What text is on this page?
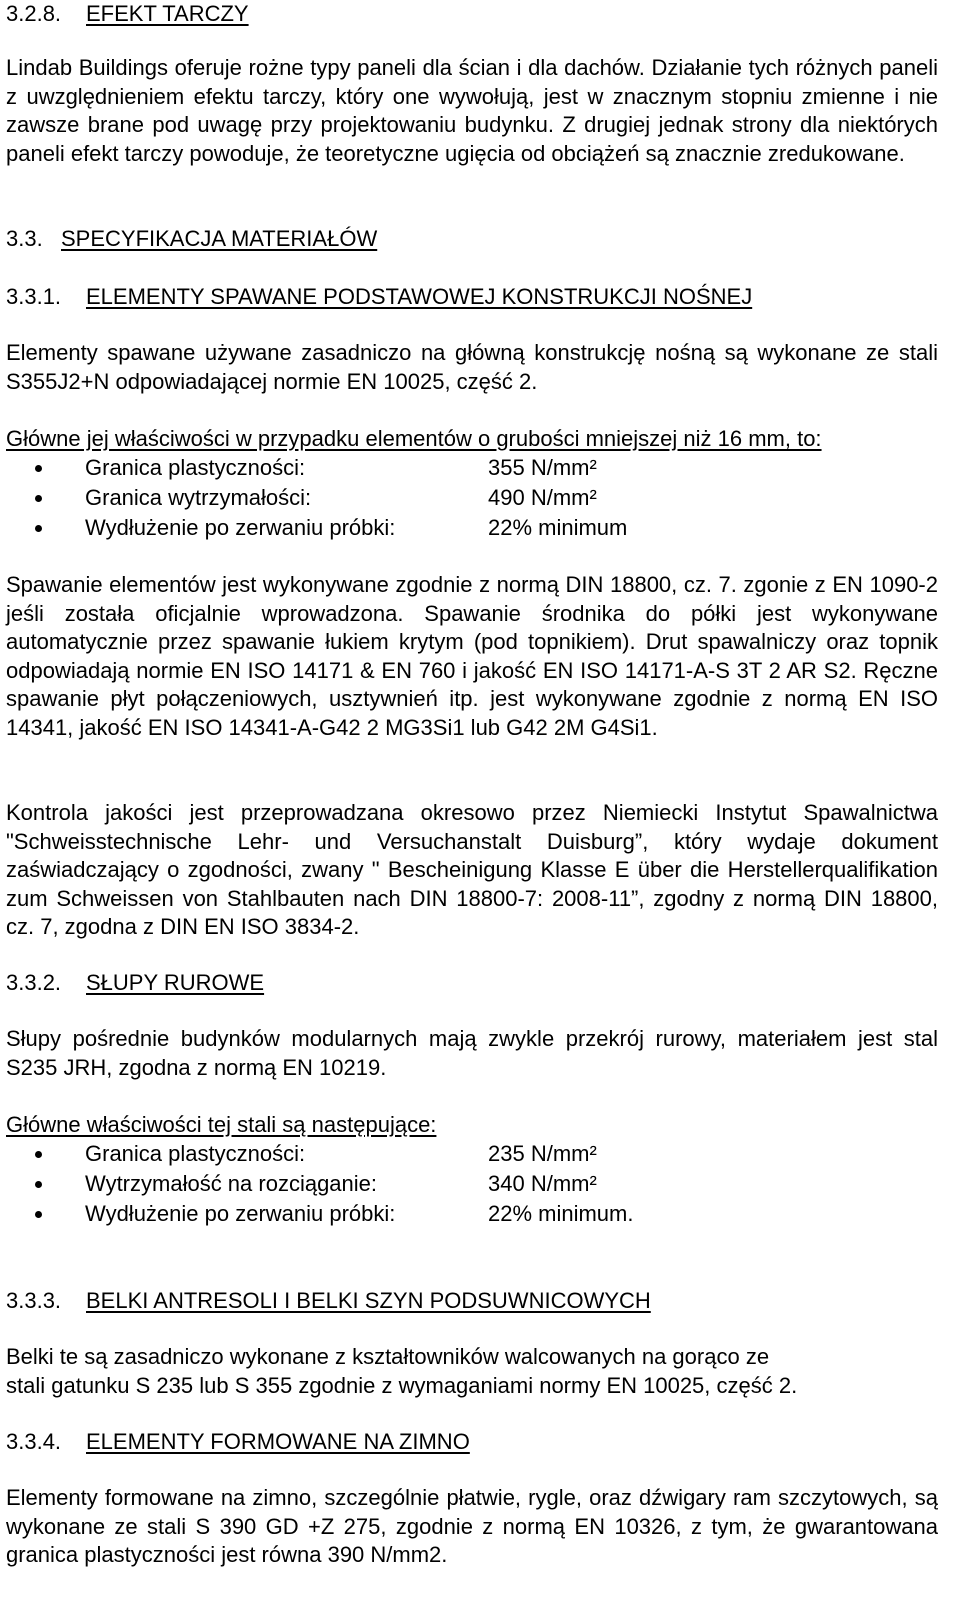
3.2.8. EFEKT TARCZY

Lindab Buildings oferuje rożne typy paneli dla ścian i dla dachów. Działanie tych różnych paneli z uwzględnieniem efektu tarczy, który one wywołują, jest w znacznym stopniu zmienne i nie zawsze brane pod uwagę przy projektowaniu budynku. Z drugiej jednak strony dla niektórych paneli efekt tarczy powoduje, że teoretyczne ugięcia od obciążeń są znacznie zredukowane.

3.3. SPECYFIKACJA MATERIAŁÓW
3.3.1. ELEMENTY SPAWANE PODSTAWOWEJ KONSTRUKCJI NOŚNEJ

Elementy spawane używane zasadniczo na główną konstrukcję nośną są wykonane ze stali S355J2+N odpowiadającej normie EN 10025, część 2.

Główne jej właściwości w przypadku elementów o grubości mniejszej niż 16 mm, to:
Granica plastyczności:	355 N/mm²
Granica wytrzymałości:	490 N/mm²
Wydłużenie po zerwaniu próbki:	22% minimum

Spawanie elementów jest wykonywane zgodnie z normą DIN 18800, cz. 7. zgonie z EN 1090-2 jeśli została oficjalnie wprowadzona. Spawanie środnika do półki jest wykonywane automatycznie przez spawanie łukiem krytym (pod topnikiem). Drut spawalniczy oraz topnik odpowiadają normie EN ISO 14171 & EN 760 i jakość EN ISO 14171-A-S 3T 2 AR S2. Ręczne spawanie płyt połączeniowych, usztywnień itp. jest wykonywane zgodnie z normą EN ISO 14341, jakość EN ISO 14341-A-G42 2 MG3Si1 lub G42 2M G4Si1.

Kontrola jakości jest przeprowadzana okresowo przez Niemiecki Instytut Spawalnictwa "Schweisstechnische Lehr- und Versuchanstalt Duisburg”, który wydaje dokument zaświadczający o zgodności, zwany " Bescheinigung Klasse E über die Herstellerqualifikation zum Schweissen von Stahlbauten nach DIN 18800-7: 2008-11”, zgodny z normą DIN 18800, cz. 7, zgodna z DIN EN ISO 3834-2.

3.3.2. SŁUPY RUROWE

Słupy pośrednie budynków modularnych mają zwykle przekrój rurowy, materiałem jest stal S235 JRH, zgodna z normą EN 10219.

Główne właściwości tej stali są następujące:
Granica plastyczności:	235 N/mm²
Wytrzymałość na rozciąganie:	340 N/mm²
Wydłużenie po zerwaniu próbki:	22% minimum.
3.3.3. BELKI ANTRESOLI I BELKI SZYN PODSUWNICOWYCH
Belki te są zasadniczo wykonane z kształtowników walcowanych na gorąco ze
stali gatunku S 235 lub S 355 zgodnie z wymaganiami normy EN 10025, część 2.
3.3.4. ELEMENTY FORMOWANE NA ZIMNO

Elementy formowane na zimno, szczególnie płatwie, rygle, oraz dźwigary ram szczytowych, są wykonane ze stali S 390 GD +Z 275, zgodnie z normą EN 10326, z tym, że gwarantowana granica plastyczności jest równa 390 N/mm2.
